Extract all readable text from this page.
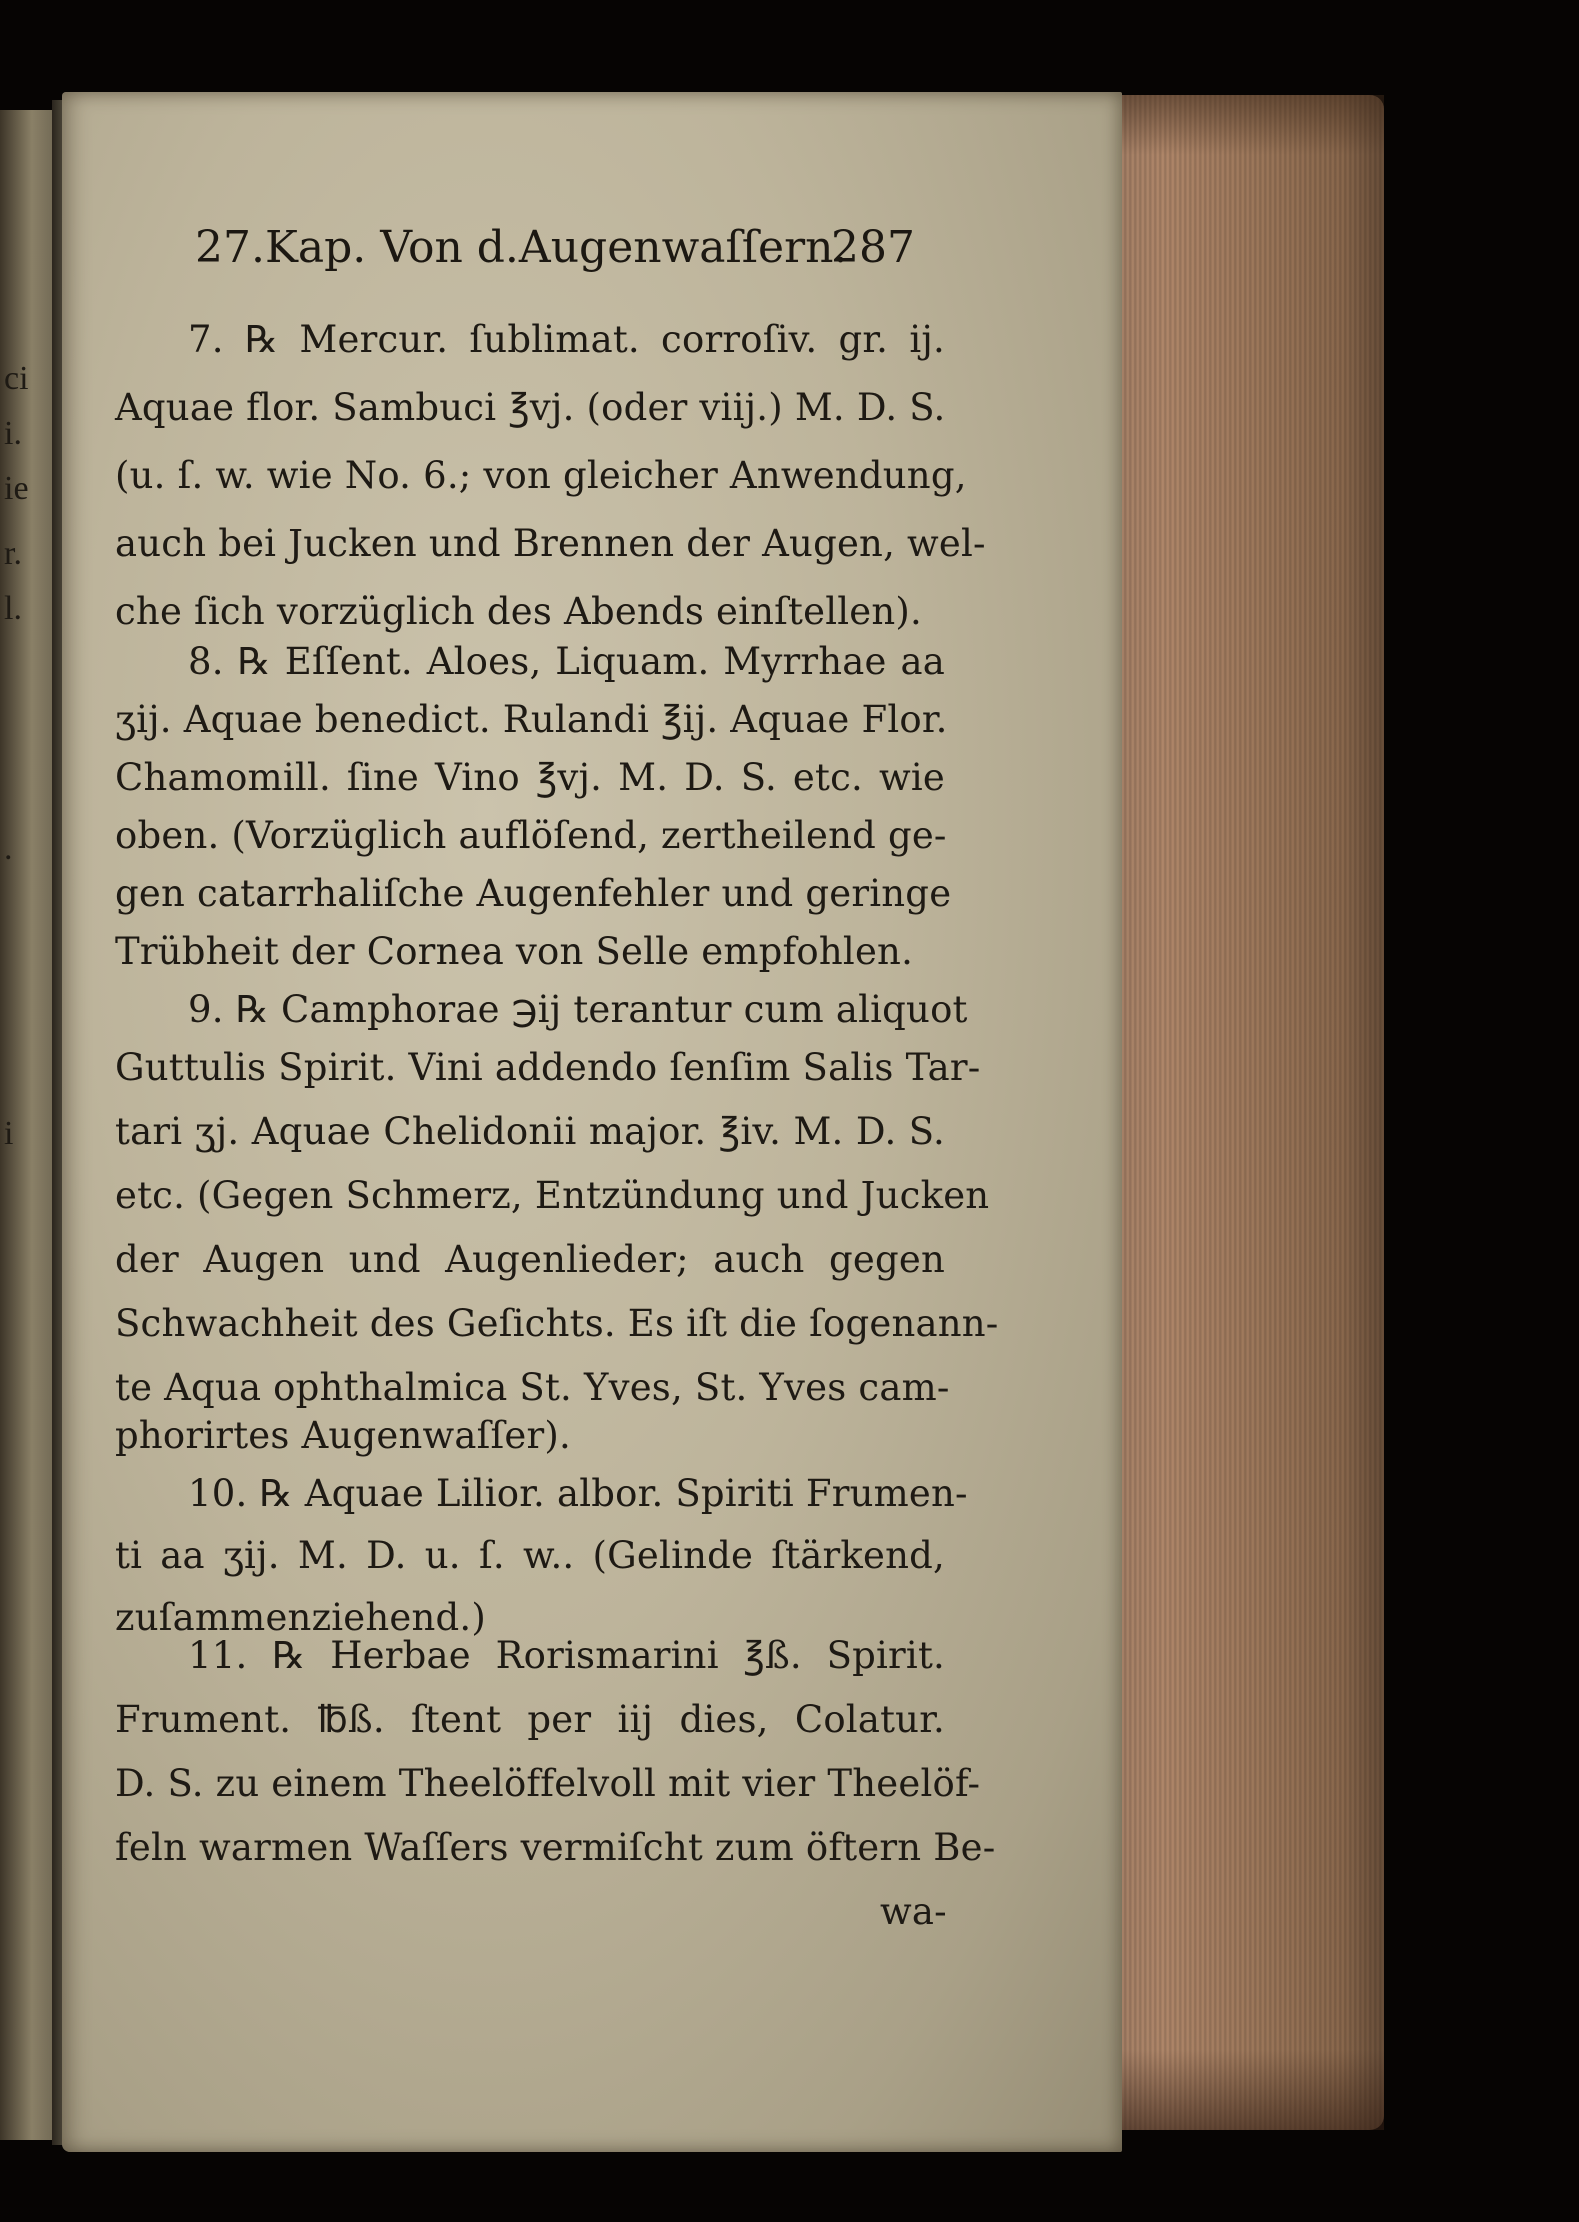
ci
i.
ie
r.
l.
.
i
27.Kap. Von d.Augenwaſſern.
287
7. ℞ Mercur. ſublimat. corroſiv. gr. ij.
Aquae flor. Sambuci ℥vj. (oder viij.) M. D. S.
(u. ſ. w. wie No. 6.; von gleicher Anwendung,
auch bei Jucken und Brennen der Augen, wel-
che ſich vorzüglich des Abends einſtellen).
8. ℞ Eſſent. Aloes, Liquam. Myrrhae aa
ʒij. Aquae benedict. Rulandi ℥ij. Aquae Flor.
Chamomill. ſine Vino ℥vj. M. D. S. etc. wie
oben. (Vorzüglich auflöſend, zertheilend ge-
gen catarrhaliſche Augenfehler und geringe
Trübheit der Cornea von Selle empfohlen.
9. ℞ Camphorae ℈ij terantur cum aliquot
Guttulis Spirit. Vini addendo ſenſim Salis Tar-
tari ʒj. Aquae Chelidonii major. ℥iv. M. D. S.
etc. (Gegen Schmerz, Entzündung und Jucken
der Augen und Augenlieder; auch gegen
Schwachheit des Geſichts. Es iſt die ſogenann-
te Aqua ophthalmica St. Yves, St. Yves cam-
phorirtes Augenwaſſer).
10. ℞ Aquae Lilior. albor. Spiriti Frumen-
ti aa ʒij. M. D. u. ſ. w.. (Gelinde ſtärkend,
zuſammenziehend.)
11. ℞ Herbae Rorismarini ℥ß. Spirit.
Frument. ℔ß. ſtent per iij dies, Colatur.
D. S. zu einem Theelöffelvoll mit vier Theelöf-
feln warmen Waſſers vermiſcht zum öftern Be-
wa-
